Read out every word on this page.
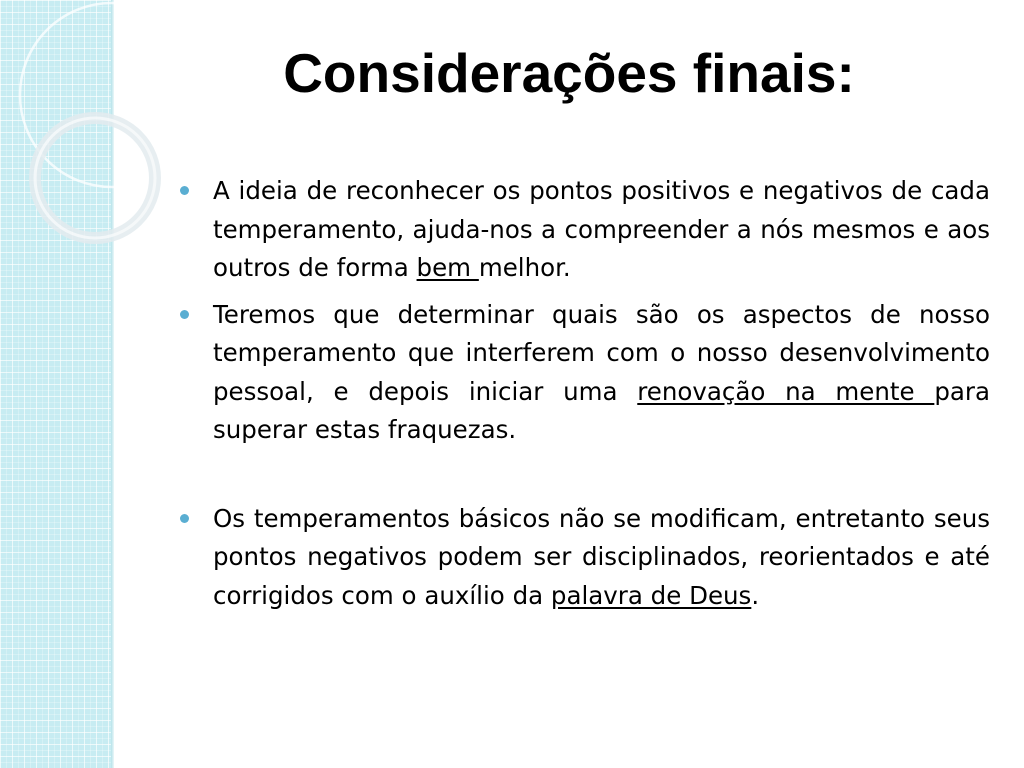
Considerações finais:

A ideia de reconhecer os pontos positivos e negativos de cada temperamento, ajuda-nos a compreender a nós mesmos e aos outros de forma bem melhor.

Teremos que determinar quais são os aspectos de nosso temperamento que interferem com o nosso desenvolvimento pessoal, e depois iniciar uma renovação na mente para superar estas fraquezas.

Os temperamentos básicos não se modificam, entretanto seus pontos negativos podem ser disciplinados, reorientados e até corrigidos com o auxílio da palavra de Deus.
